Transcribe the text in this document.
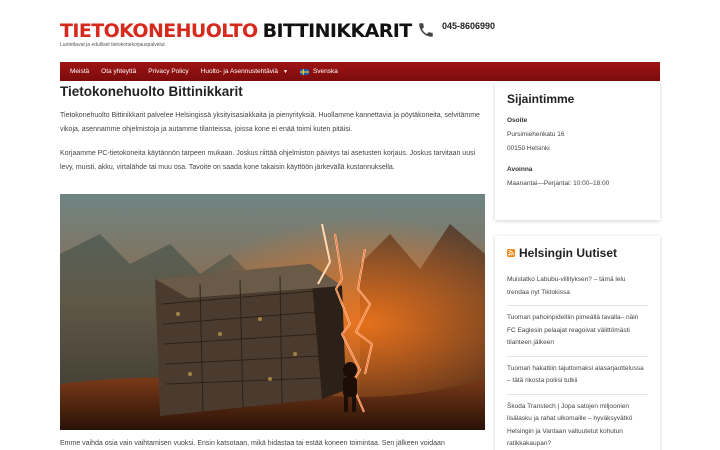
TIETOKONEHUOLTO BITTINIKKARIT
Luotettavat ja edulliset tietokonekorjauspalvelut
045-8606990
Meistä Ota yhteyttä Privacy Policy Huolto- ja Asennustehtäviä ▼	Svenska
Tietokonehuolto Bittinikkarit

Tietokonehuolto Bittinikkarit palvelee Helsingissä yksityisasiakkaita ja pienyrityksiä. Huollamme kannettavia ja pöytäkoneita, selvitämme vikoja, asennamme ohjelmistoja ja autamme tilanteissa, joissa kone ei enää toimi kuten pitäisi.

Korjaamme PC-tietokoneita käytännön tarpeen mukaan. Joskus riittää ohjelmiston päivitys tai asetusten korjaus. Joskus tarvitaan uusi levy, muisti, akku, virtalähde tai muu osa. Tavoite on saada kone takaisin käyttöön järkevällä kustannuksella.

Emme vaihda osia vain vaihtamisen vuoksi. Ensin katsotaan, mikä hidastaa tai estää koneen toimintaa. Sen jälkeen voidaan

Sijaintimme
Osoite
Pursimiehenkatu 16
00150 Helsinki
Avoinna
Maanantai—Perjantai: 10:00–18:00
Helsingin Uutiset
Muistatko Labubu-villityksen? – tämä lelu trendaa nyt Tiktokissa
Tuomari pahoinpideltiin pimeällä tavalla– näin FC Eaglesin pelaajat reagoivat välittömästi tilanteen jälkeen
Tuomari hakattiin tajuttomaksi alasarjaottelussa – tätä rikosta poliisi tutkii
Škoda Transtech | Jopa satojen miljoonien lisälasku ja rahat ulkomaille – hyväksyvätkö Helsingin ja Vantaan valtuutetut kohutun ratikkakaupan?
